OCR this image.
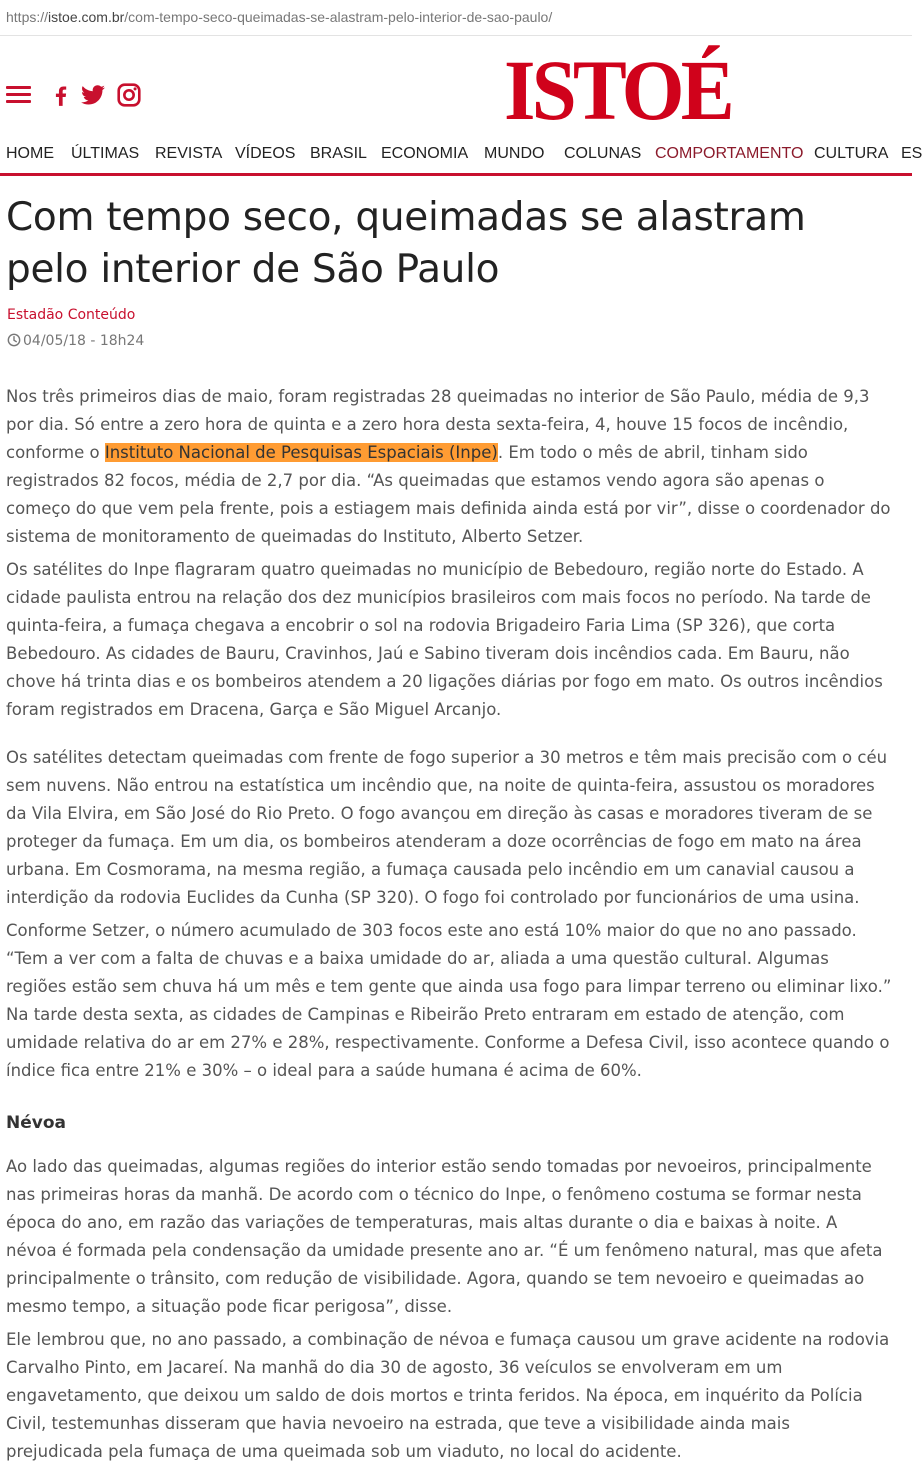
https://istoe.com.br/com-tempo-seco-queimadas-se-alastram-pelo-interior-de-sao-paulo/
ISTOÉ
HOME ÚLTIMAS REVISTA VÍDEOS BRASIL ECONOMIA MUNDO COLUNAS COMPORTAMENTO CULTURA ES
Com tempo seco, queimadas se alastram pelo interior de São Paulo
Estadão Conteúdo
04/05/18 - 18h24

Nos três primeiros dias de maio, foram registradas 28 queimadas no interior de São Paulo, média de 9,3 por dia. Só entre a zero hora de quinta e a zero hora desta sexta-feira, 4, houve 15 focos de incêndio, conforme o Instituto Nacional de Pesquisas Espaciais (Inpe). Em todo o mês de abril, tinham sido registrados 82 focos, média de 2,7 por dia. “As queimadas que estamos vendo agora são apenas o começo do que vem pela frente, pois a estiagem mais definida ainda está por vir”, disse o coordenador do sistema de monitoramento de queimadas do Instituto, Alberto Setzer.

Os satélites do Inpe flagraram quatro queimadas no município de Bebedouro, região norte do Estado. A cidade paulista entrou na relação dos dez municípios brasileiros com mais focos no período. Na tarde de quinta-feira, a fumaça chegava a encobrir o sol na rodovia Brigadeiro Faria Lima (SP 326), que corta Bebedouro. As cidades de Bauru, Cravinhos, Jaú e Sabino tiveram dois incêndios cada. Em Bauru, não chove há trinta dias e os bombeiros atendem a 20 ligações diárias por fogo em mato. Os outros incêndios foram registrados em Dracena, Garça e São Miguel Arcanjo.

Os satélites detectam queimadas com frente de fogo superior a 30 metros e têm mais precisão com o céu sem nuvens. Não entrou na estatística um incêndio que, na noite de quinta-feira, assustou os moradores da Vila Elvira, em São José do Rio Preto. O fogo avançou em direção às casas e moradores tiveram de se proteger da fumaça. Em um dia, os bombeiros atenderam a doze ocorrências de fogo em mato na área urbana. Em Cosmorama, na mesma região, a fumaça causada pelo incêndio em um canavial causou a interdição da rodovia Euclides da Cunha (SP 320). O fogo foi controlado por funcionários de uma usina.

Conforme Setzer, o número acumulado de 303 focos este ano está 10% maior do que no ano passado. “Tem a ver com a falta de chuvas e a baixa umidade do ar, aliada a uma questão cultural. Algumas regiões estão sem chuva há um mês e tem gente que ainda usa fogo para limpar terreno ou eliminar lixo.” Na tarde desta sexta, as cidades de Campinas e Ribeirão Preto entraram em estado de atenção, com umidade relativa do ar em 27% e 28%, respectivamente. Conforme a Defesa Civil, isso acontece quando o índice fica entre 21% e 30% – o ideal para a saúde humana é acima de 60%.

Névoa

Ao lado das queimadas, algumas regiões do interior estão sendo tomadas por nevoeiros, principalmente nas primeiras horas da manhã. De acordo com o técnico do Inpe, o fenômeno costuma se formar nesta época do ano, em razão das variações de temperaturas, mais altas durante o dia e baixas à noite. A névoa é formada pela condensação da umidade presente ano ar. “É um fenômeno natural, mas que afeta principalmente o trânsito, com redução de visibilidade. Agora, quando se tem nevoeiro e queimadas ao mesmo tempo, a situação pode ficar perigosa”, disse.

Ele lembrou que, no ano passado, a combinação de névoa e fumaça causou um grave acidente na rodovia Carvalho Pinto, em Jacareí. Na manhã do dia 30 de agosto, 36 veículos se envolveram em um engavetamento, que deixou um saldo de dois mortos e trinta feridos. Na época, em inquérito da Polícia Civil, testemunhas disseram que havia nevoeiro na estrada, que teve a visibilidade ainda mais prejudicada pela fumaça de uma queimada sob um viaduto, no local do acidente.
